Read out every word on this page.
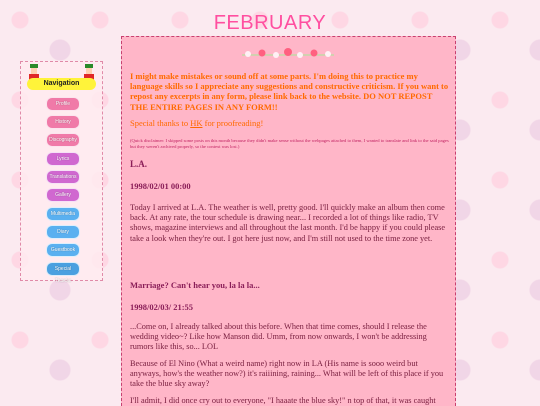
FEBRUARY
Navigation
Profile
History
Discography
Lyrics
Translations
Gallery
Multimedia
Diary
Guestbook
Special Thanks

I might make mistakes or sound off at some parts. I'm doing this to practice my language skills so I appreciate any suggestions and constructive criticism. If you want to repost any excerpts in any form, please link back to the website. DO NOT REPOST THE ENTIRE PAGES IN ANY FORM!!

Special thanks to HK for proofreading!

(Quick disclaimer: I skipped some posts on this month because they didn't make sense without the webpages attached to them, I wanted to translate and link to the said pages but they weren't archived properly, so the context was lost.)

L.A.

1998/02/01 00:00

Today I arrived at L.A. The weather is well, pretty good. I'll quickly make an album then come back. At any rate, the tour schedule is drawing near... I recorded a lot of things like radio, TV shows, magazine interviews and all throughout the last month. I'd be happy if you could please take a look when they're out. I got here just now, and I'm still not used to the time zone yet.

Marriage? Can't hear you, la la la...

1998/02/03/ 21:55

...Come on, I already talked about this before. When that time comes, should I release the wedding video~? Like how Manson did. Umm, from now onwards, I won't be addressing rumors like this, so... LOL

Because of El Nino (What a weird name) right now in LA (His name is sooo weird but anyways, how's the weather now?) it's raiiining, raining... What will be left of this place if you take the blue sky away?

I'll admit, I did once cry out to everyone, "I haaate the blue sky!" n top of that, it was caught
